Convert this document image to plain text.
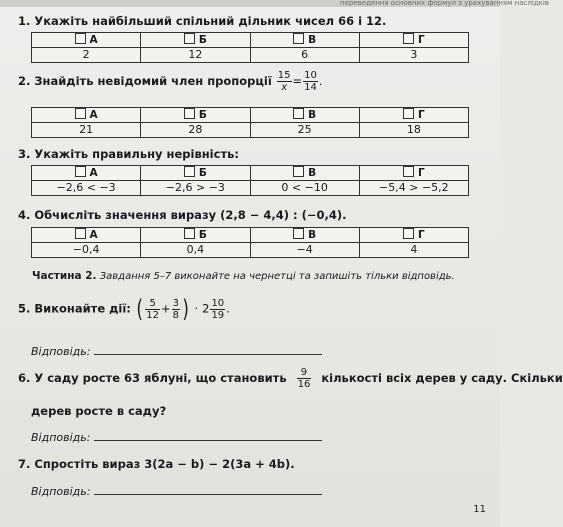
переведення основних формул з урахуванням наслідків
1. Укажіть найбільший спільний дільник чисел 66 і 12.
А	Б	В	Г
2	12	6	3
2. Знайдіть невідомий член пропорції $\frac{15}{x} = \frac{10}{14}$ .
А	Б	В	Г
21	28	25	18
3. Укажіть правильну нерівність:
А	Б	В	Г
−2,6 < −3	−2,6 > −3	0 < −10	−5,4 > −5,2
4. Обчисліть значення виразу (2,8 − 4,4) : (−0,4).
А	Б	В	Г
−0,4	0,4	−4	4
Частина 2. Завдання 5–7 виконайте на чернетці та запишіть тільки відповідь.
5. Виконайте дії: ( $\frac{5}{12} + \frac{3}{8}$ ) · $2 \frac{10}{19}$ .
Відповідь:
6. У саду росте 63 яблуні, що становить $\frac{9}{16}$ кількості всіх дерев у саду. Скільки
дерев росте в саду?
Відповідь:
7. Спростіть вираз 3(2a − b) − 2(3a + 4b).
Відповідь:
11
